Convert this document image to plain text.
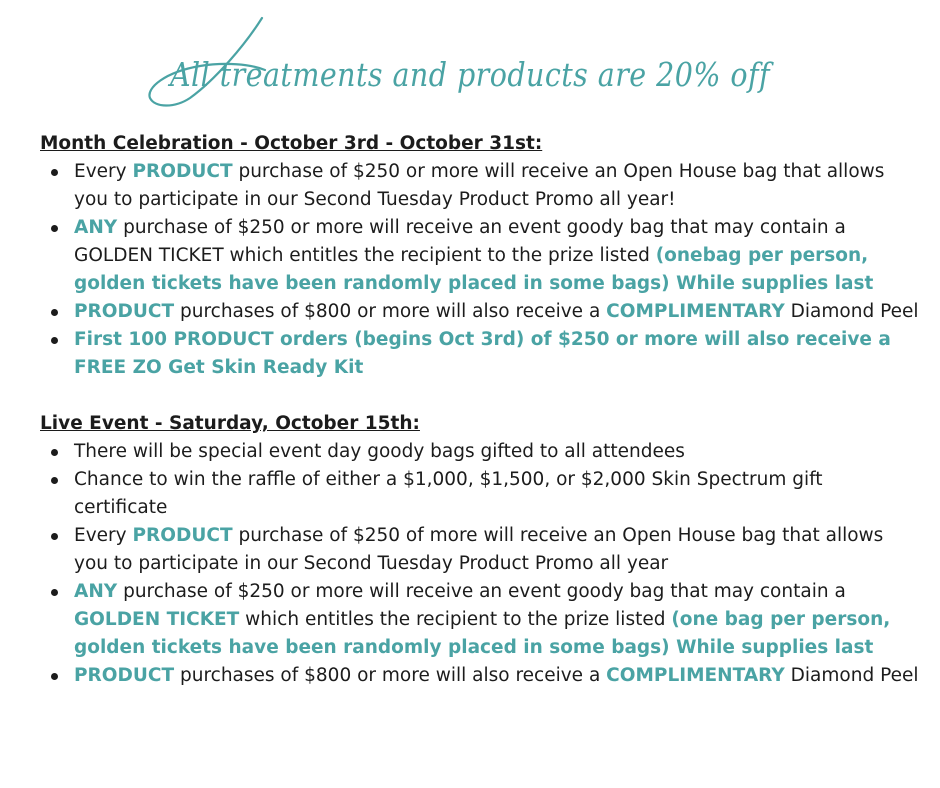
All treatments and products are 20% off

Month Celebration - October 3rd - October 31st:

Every PRODUCT purchase of $250 or more will receive an Open House bag that allows you to participate in our Second Tuesday Product Promo all year!
ANY purchase of $250 or more will receive an event goody bag that may contain a GOLDEN TICKET which entitles the recipient to the prize listed (onebag per person, golden tickets have been randomly placed in some bags) While supplies last
PRODUCT purchases of $800 or more will also receive a COMPLIMENTARY Diamond Peel
First 100 PRODUCT orders (begins Oct 3rd) of $250 or more will also receive a FREE ZO Get Skin Ready Kit

Live Event - Saturday, October 15th:

There will be special event day goody bags gifted to all attendees
Chance to win the raffle of either a $1,000, $1,500, or $2,000 Skin Spectrum gift certificate
Every PRODUCT purchase of $250 of more will receive an Open House bag that allows you to participate in our Second Tuesday Product Promo all year
ANY purchase of $250 or more will receive an event goody bag that may contain a GOLDEN TICKET which entitles the recipient to the prize listed (one bag per person, golden tickets have been randomly placed in some bags) While supplies last
PRODUCT purchases of $800 or more will also receive a COMPLIMENTARY Diamond Peel
